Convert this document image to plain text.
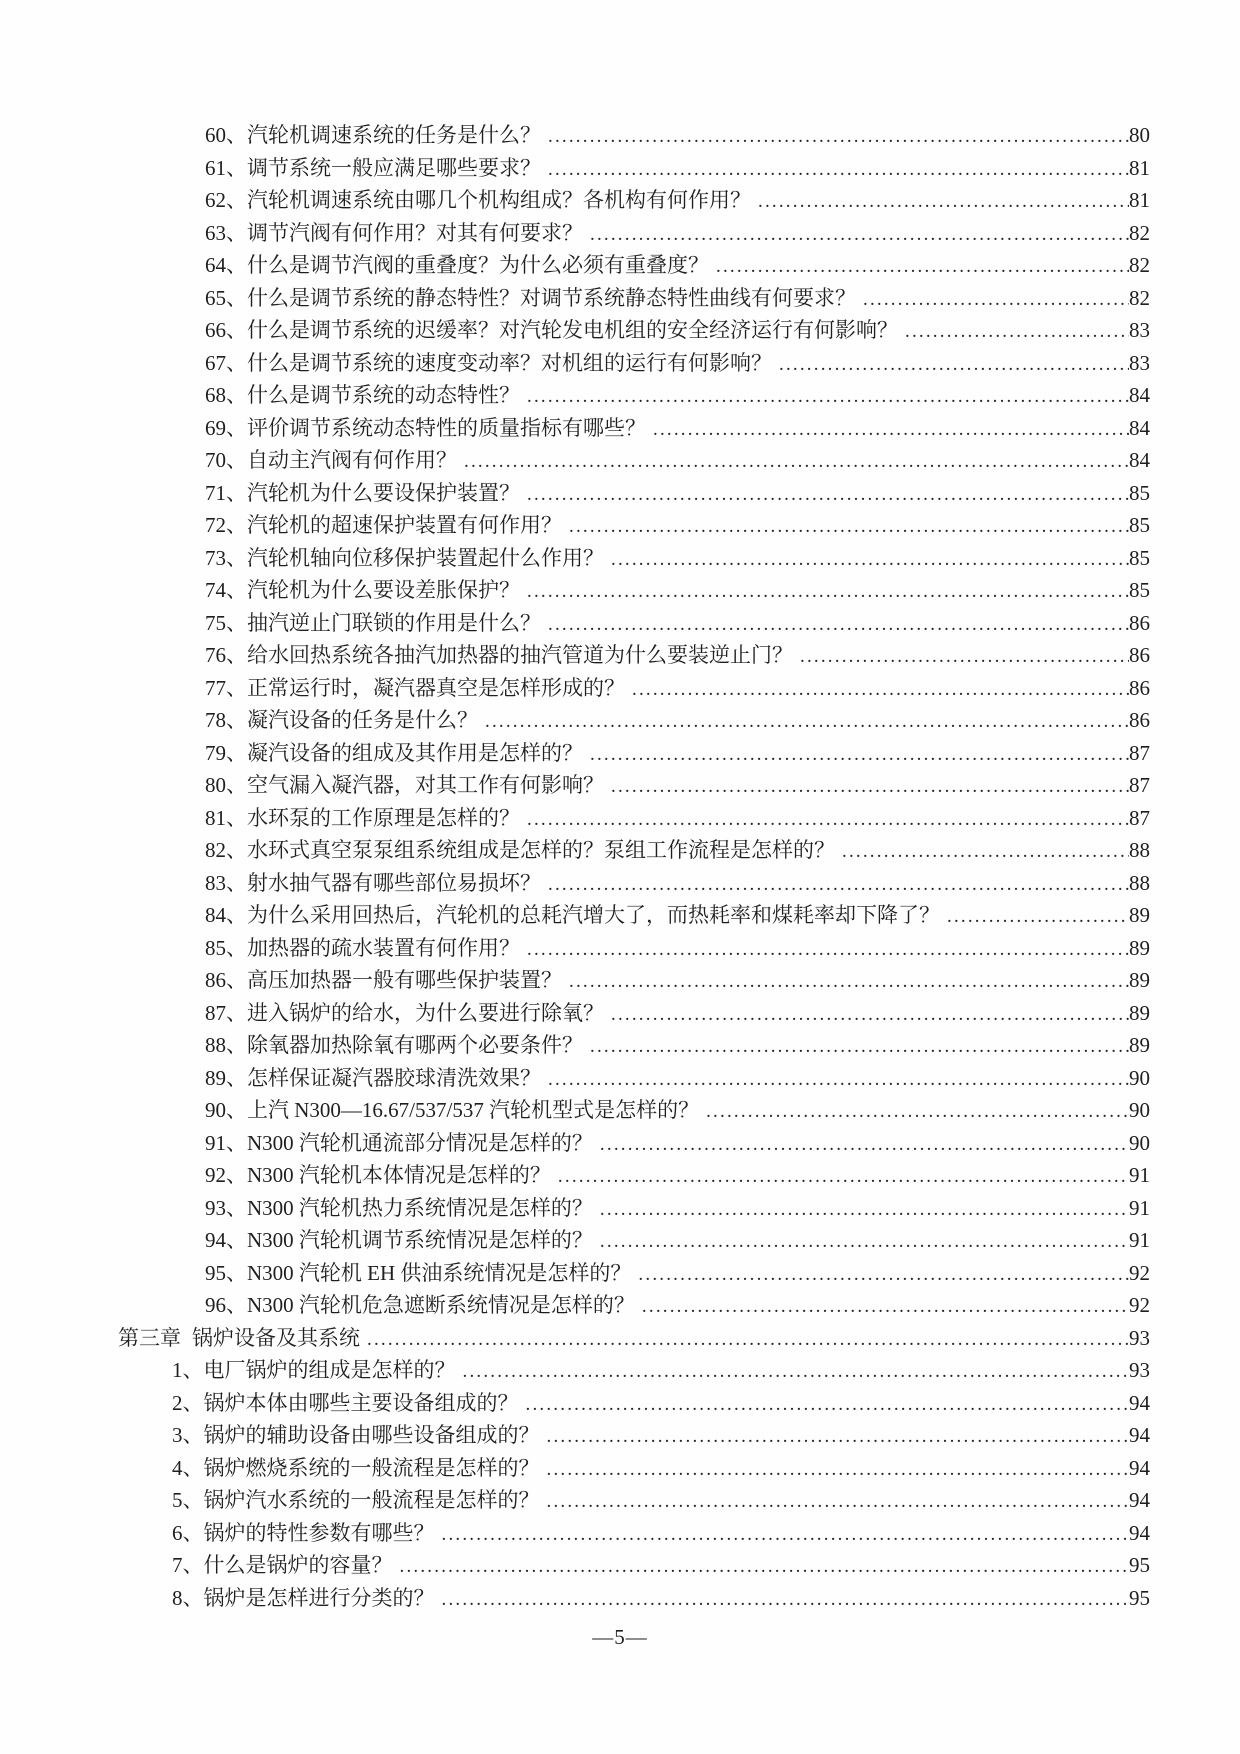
60、 汽轮机调速系统的任务是什么？ .....	80
61、 调节系统一般应满足哪些要求？ .....	81
62、 汽轮机调速系统由哪几个机构组成？各机构有何作用？ .....	81
63、 调节汽阀有何作用？对其有何要求？ .....	82
64、 什么是调节汽阀的重叠度？为什么必须有重叠度？ .....	82
65、 什么是调节系统的静态特性？对调节系统静态特性曲线有何要求？ .....	82
66、 什么是调节系统的迟缓率？对汽轮发电机组的安全经济运行有何影响？ .....	83
67、 什么是调节系统的速度变动率？对机组的运行有何影响？ .....	83
68、 什么是调节系统的动态特性？ .....	84
69、 评价调节系统动态特性的质量指标有哪些？ .....	84
70、 自动主汽阀有何作用？ .....	84
71、 汽轮机为什么要设保护装置？ .....	85
72、 汽轮机的超速保护装置有何作用？ .....	85
73、 汽轮机轴向位移保护装置起什么作用？ .....	85
74、 汽轮机为什么要设差胀保护？ .....	85
75、 抽汽逆止门联锁的作用是什么？ .....	86
76、 给水回热系统各抽汽加热器的抽汽管道为什么要装逆止门？ .....	86
77、 正常运行时，凝汽器真空是怎样形成的？ .....	86
78、 凝汽设备的任务是什么？ .....	86
79、 凝汽设备的组成及其作用是怎样的？ .....	87
80、 空气漏入凝汽器，对其工作有何影响？ .....	87
81、 水环泵的工作原理是怎样的？ .....	87
82、 水环式真空泵泵组系统组成是怎样的？泵组工作流程是怎样的？ .....	88
83、 射水抽气器有哪些部位易损坏？ .....	88
84、 为什么采用回热后，汽轮机的总耗汽增大了，而热耗率和煤耗率却下降了？ .....	89
85、 加热器的疏水装置有何作用？ .....	89
86、 高压加热器一般有哪些保护装置？ .....	89
87、 进入锅炉的给水，为什么要进行除氧？ .....	89
88、 除氧器加热除氧有哪两个必要条件？ .....	89
89、 怎样保证凝汽器胶球清洗效果？ .....	90
90、 上汽 N300—16.67/537/537 汽轮机型式是怎样的？ .....	90
91、 N300 汽轮机通流部分情况是怎样的？ .....	90
92、 N300 汽轮机本体情况是怎样的？ .....	91
93、 N300 汽轮机热力系统情况是怎样的？ .....	91
94、 N300 汽轮机调节系统情况是怎样的？ .....	91
95、 N300 汽轮机 EH 供油系统情况是怎样的？ .....	92
96、 N300 汽轮机危急遮断系统情况是怎样的？ .....	92
第三章 锅炉设备及其系统 .....	93
1、 电厂锅炉的组成是怎样的？ .....	93
2、 锅炉本体由哪些主要设备组成的？ .....	94
3、 锅炉的辅助设备由哪些设备组成的？ .....	94
4、 锅炉燃烧系统的一般流程是怎样的？ .....	94
5、 锅炉汽水系统的一般流程是怎样的？ .....	94
6、 锅炉的特性参数有哪些？ .....	94
7、 什么是锅炉的容量？ .....	95
8、 锅炉是怎样进行分类的？ .....	95
—5—
